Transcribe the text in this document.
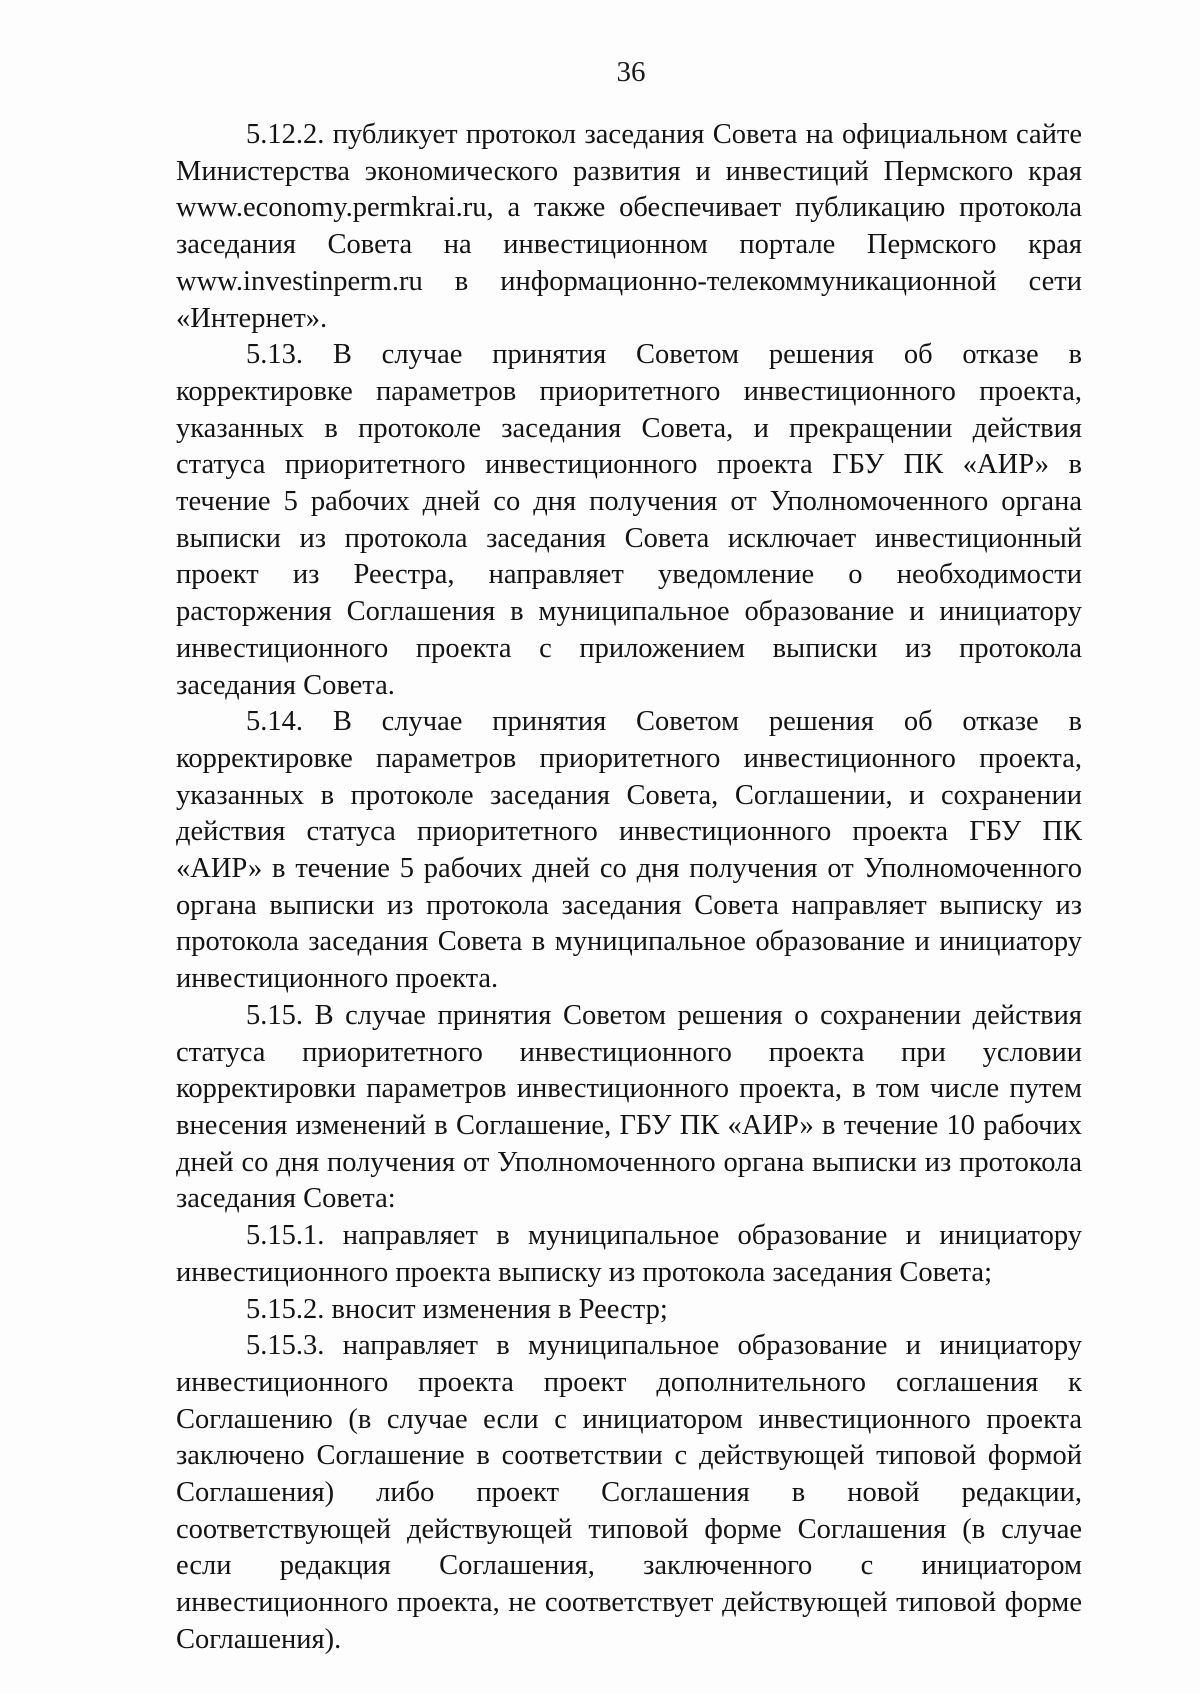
36

5.12.2. публикует протокол заседания Совета на официальном сайте Министерства экономического развития и инвестиций Пермского края www.economy.permkrai.ru, а также обеспечивает публикацию протокола заседания Совета на инвестиционном портале Пермского края www.investinperm.ru в информационно-телекоммуникационной сети «Интернет».

5.13. В случае принятия Советом решения об отказе в корректировке параметров приоритетного инвестиционного проекта, указанных в протоколе заседания Совета, и прекращении действия статуса приоритетного инвестиционного проекта ГБУ ПК «АИР» в течение 5 рабочих дней со дня получения от Уполномоченного органа выписки из протокола заседания Совета исключает инвестиционный проект из Реестра, направляет уведомление о необходимости расторжения Соглашения в муниципальное образование и инициатору инвестиционного проекта с приложением выписки из протокола заседания Совета.

5.14. В случае принятия Советом решения об отказе в корректировке параметров приоритетного инвестиционного проекта, указанных в протоколе заседания Совета, Соглашении, и сохранении действия статуса приоритетного инвестиционного проекта ГБУ ПК «АИР» в течение 5 рабочих дней со дня получения от Уполномоченного органа выписки из протокола заседания Совета направляет выписку из протокола заседания Совета в муниципальное образование и инициатору инвестиционного проекта.

5.15. В случае принятия Советом решения о сохранении действия статуса приоритетного инвестиционного проекта при условии корректировки параметров инвестиционного проекта, в том числе путем внесения изменений в Соглашение, ГБУ ПК «АИР» в течение 10 рабочих дней со дня получения от Уполномоченного органа выписки из протокола заседания Совета:

5.15.1. направляет в муниципальное образование и инициатору инвестиционного проекта выписку из протокола заседания Совета;

5.15.2. вносит изменения в Реестр;

5.15.3. направляет в муниципальное образование и инициатору инвестиционного проекта проект дополнительного соглашения к Соглашению (в случае если с инициатором инвестиционного проекта заключено Соглашение в соответствии с действующей типовой формой Соглашения) либо проект Соглашения в новой редакции, соответствующей действующей типовой форме Соглашения (в случае если редакция Соглашения, заключенного с инициатором инвестиционного проекта, не соответствует действующей типовой форме Соглашения).
